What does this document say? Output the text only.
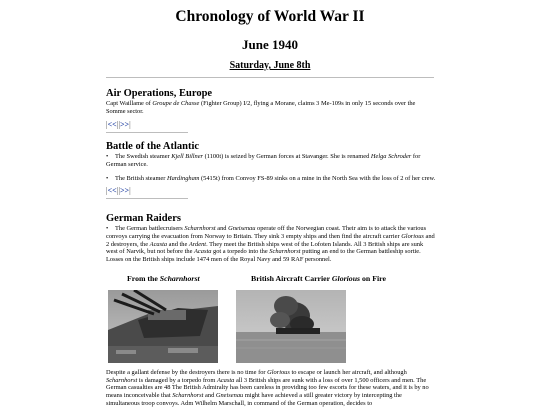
Chronology of World War II
June 1940
Saturday, June 8th
Air Operations, Europe

Capt Waillame of Groupe de Chasse (Fighter Group) I/2, flying a Morane, claims 3 Me-109s in only 15 seconds over the Somme sector.

|<<||>>|
Battle of the Atlantic

• The Swedish steamer Kjell Billner (1100t) is seized by German forces at Stavanger. She is renamed Helga Schroder for German service.

• The British steamer Hardingham (5415t) from Convoy FS-89 sinks on a mine in the North Sea with the loss of 2 of her crew.

|<<||>>|
German Raiders

• The German battlecruisers Scharnhorst and Gneisenau operate off the Norwegian coast. Their aim is to attack the various convoys carrying the evacuation from Norway to Britain. They sink 3 empty ships and then find the aircraft carrier Glorious and 2 destroyers, the Acasta and the Ardent. They meet the British ships west of the Lofoten Islands. All 3 British ships are sunk west of Narvik, but not before the Acasta got a torpedo into the Scharnhorst putting an end to the German battleship sortie. Losses on the British ships include 1474 men of the Royal Navy and 59 RAF personnel.

From the Scharnhorst	British Aircraft Carrier Glorious on Fire
Despite a gallant defense by the destroyers there is no time for Glorious to escape or launch her aircraft, and although Scharnhorst is damaged by a torpedo from Acasta all 3 British ships are sunk with a loss of over 1,500 officers and men. The German casualties are 48 The British Admiralty has been careless in providing too few escorts for these waters, and it is by no means inconceivable that Scharnhorst and Gneisenau might have achieved a still greater victory by intercepting the simultaneous troop convoys. Adm Wilhelm Marschall, in command of the German operation, decides to
